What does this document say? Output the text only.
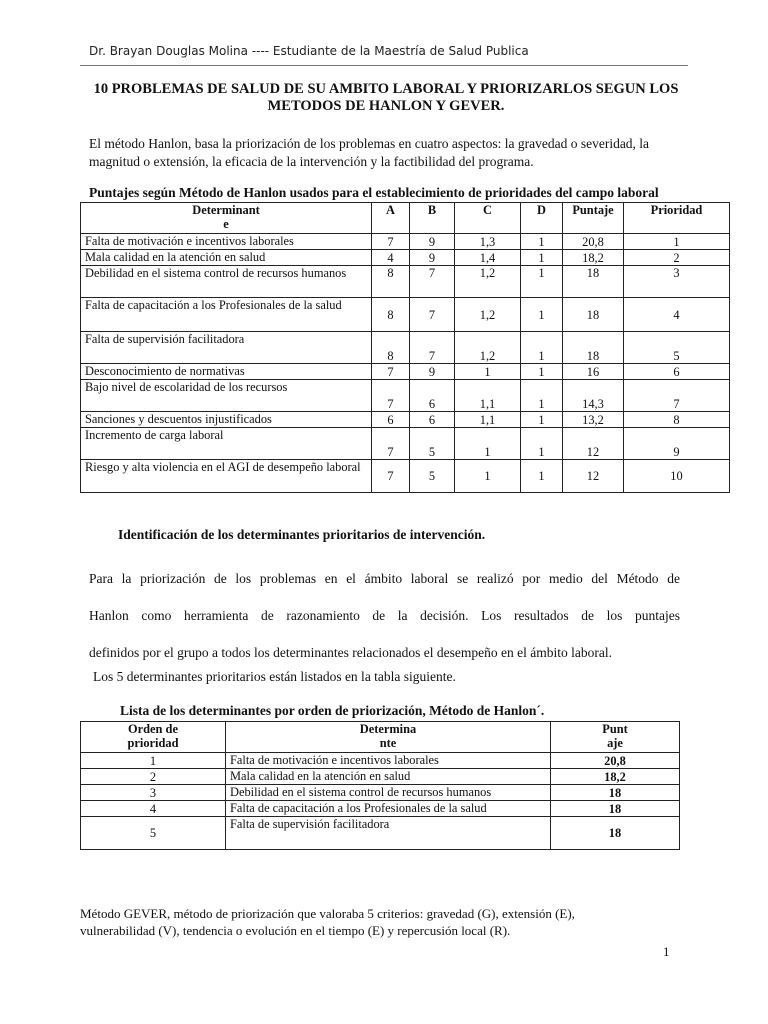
Dr. Brayan Douglas Molina ---- Estudiante de la Maestría de Salud Publica
10 PROBLEMAS DE SALUD DE SU AMBITO LABORAL Y PRIORIZARLOS SEGUN LOS
METODOS DE HANLON Y GEVER.

El método Hanlon, basa la priorización de los problemas en cuatro aspectos: la gravedad o severidad, la magnitud o extensión, la eficacia de la intervención y la factibilidad del programa.

Puntajes según Método de Hanlon usados para el establecimiento de prioridades del campo laboral
Determinant
e	A	B	C	D	Puntaje	Prioridad
Falta de motivación e incentivos laborales	7	9	1,3	1	20,8	1
Mala calidad en la atención en salud	4	9	1,4	1	18,2	2
Debilidad en el sistema control de recursos humanos	8	7	1,2	1	18	3
Falta de capacitación a los Profesionales de la salud	8	7	1,2	1	18	4
Falta de supervisión facilitadora	8	7	1,2	1	18	5
Desconocimiento de normativas	7	9	1	1	16	6
Bajo nivel de escolaridad de los recursos	7	6	1,1	1	14,3	7
Sanciones y descuentos injustificados	6	6	1,1	1	13,2	8
Incremento de carga laboral	7	5	1	1	12	9
Riesgo y alta violencia en el AGI de desempeño laboral	7	5	1	1	12	10
Identificación de los determinantes prioritarios de intervención.

Para la priorización de los problemas en el ámbito laboral se realizó por medio del Método de
Hanlon como herramienta de razonamiento de la decisión. Los resultados de los puntajes
definidos por el grupo a todos los determinantes relacionados el desempeño en el ámbito laboral.

Los 5 determinantes prioritarios están listados en la tabla siguiente.

Lista de los determinantes por orden de priorización, Método de Hanlon´.
Orden de
prioridad	Determina
nte	Punt
aje
1	Falta de motivación e incentivos laborales	20,8
2	Mala calidad en la atención en salud	18,2
3	Debilidad en el sistema control de recursos humanos	18
4	Falta de capacitación a los Profesionales de la salud	18
5	Falta de supervisión facilitadora	18

Método GEVER, método de priorización que valoraba 5 criterios: gravedad (G), extensión (E), vulnerabilidad (V), tendencia o evolución en el tiempo (E) y repercusión local (R).

1
